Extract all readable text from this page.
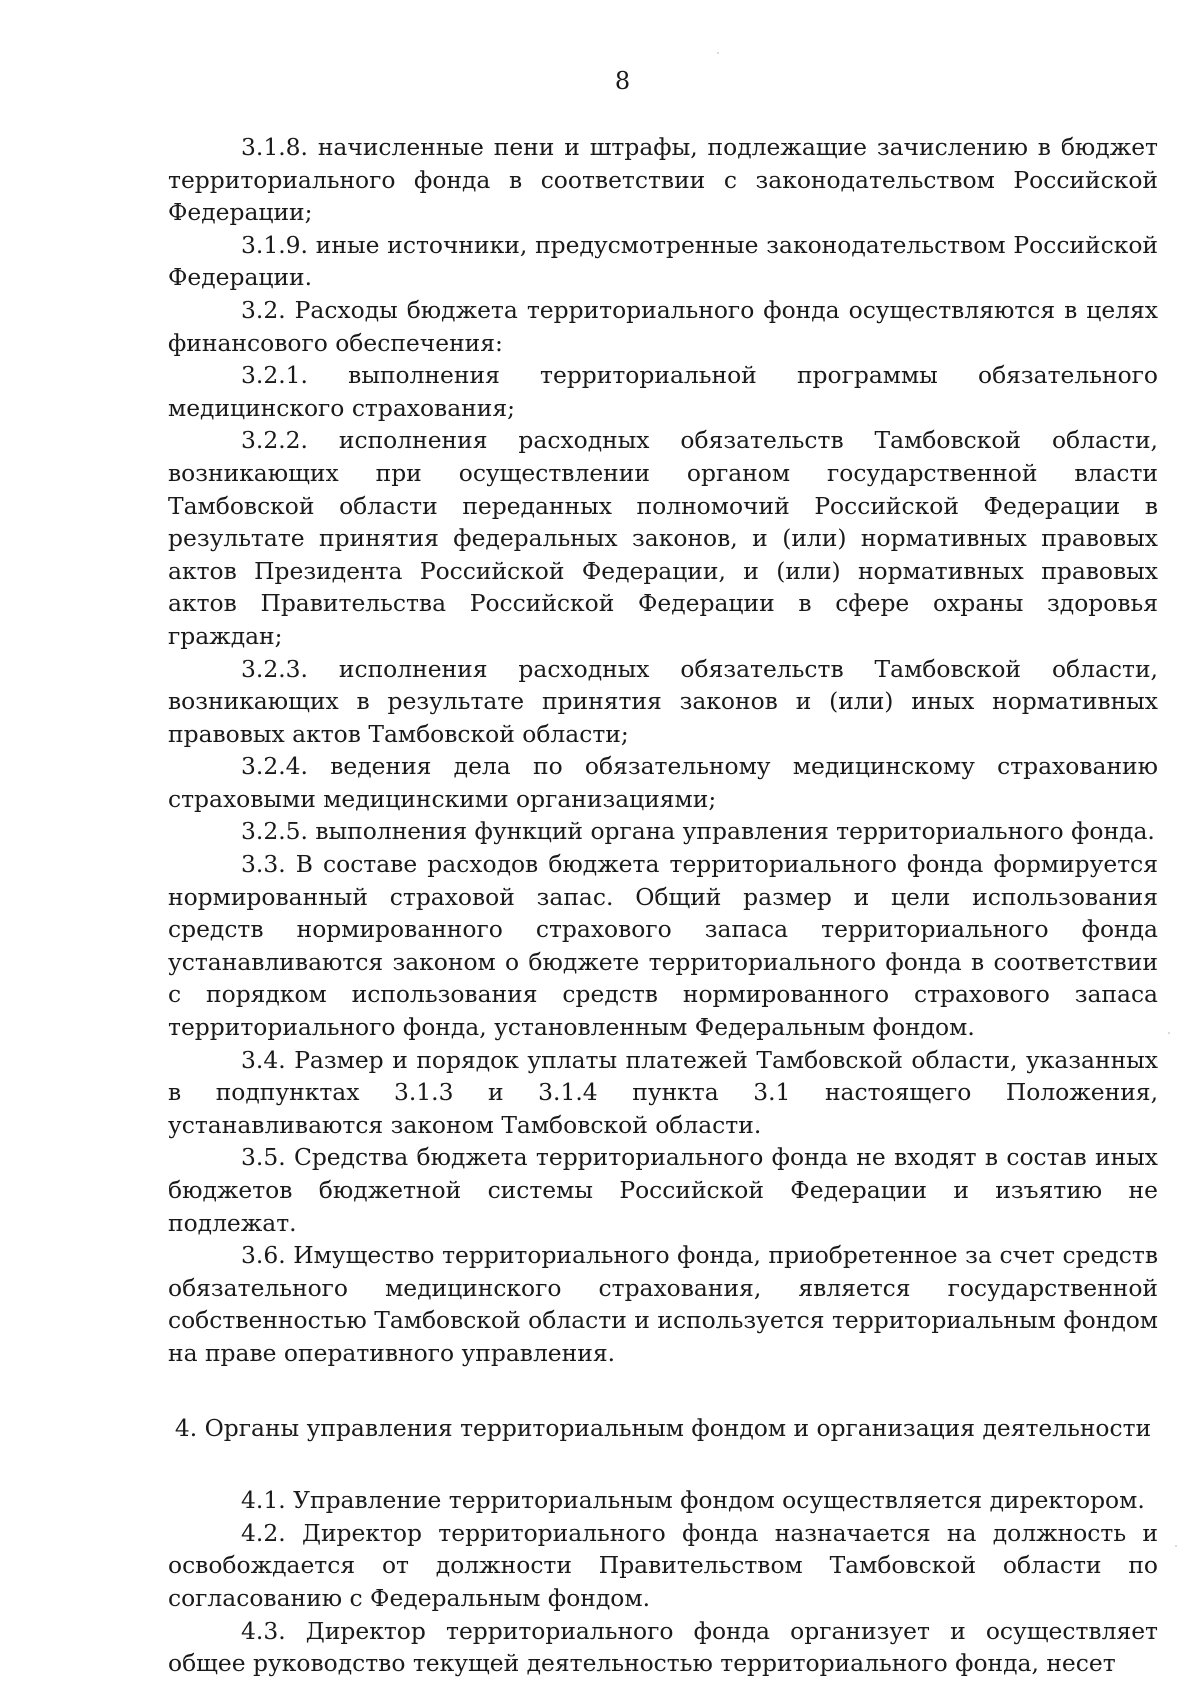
8

3.1.8. начисленные пени и штрафы, подлежащие зачислению в бюджет территориального фонда в соответствии с законодательством Российской Федерации;

3.1.9. иные источники, предусмотренные законодательством Российской Федерации.

3.2. Расходы бюджета территориального фонда осуществляются в целях финансового обеспечения:

3.2.1. выполнения территориальной программы обязательного медицинского страхования;

3.2.2. исполнения расходных обязательств Тамбовской области, возникающих при осуществлении органом государственной власти Тамбовской области переданных полномочий Российской Федерации в результате принятия федеральных законов, и (или) нормативных правовых актов Президента Российской Федерации, и (или) нормативных правовых актов Правительства Российской Федерации в сфере охраны здоровья граждан;

3.2.3. исполнения расходных обязательств Тамбовской области, возникающих в результате принятия законов и (или) иных нормативных правовых актов Тамбовской области;

3.2.4. ведения дела по обязательному медицинскому страхованию страховыми медицинскими организациями;

3.2.5. выполнения функций органа управления территориального фонда.

3.3. В составе расходов бюджета территориального фонда формируется нормированный страховой запас. Общий размер и цели использования средств нормированного страхового запаса территориального фонда устанавливаются законом о бюджете территориального фонда в соответствии с порядком использования средств нормированного страхового запаса территориального фонда, установленным Федеральным фондом.

3.4. Размер и порядок уплаты платежей Тамбовской области, указанных в подпунктах 3.1.3 и 3.1.4 пункта 3.1 настоящего Положения, устанавливаются законом Тамбовской области.

3.5. Средства бюджета территориального фонда не входят в состав иных бюджетов бюджетной системы Российской Федерации и изъятию не подлежат.

3.6. Имущество территориального фонда, приобретенное за счет средств обязательного медицинского страхования, является государственной собственностью Тамбовской области и используется территориальным фондом на праве оперативного управления.

4. Органы управления территориальным фондом и организация деятельности

4.1. Управление территориальным фондом осуществляется директором.

4.2. Директор территориального фонда назначается на должность и освобождается от должности Правительством Тамбовской области по согласованию с Федеральным фондом.

4.3. Директор территориального фонда организует и осуществляет общее руководство текущей деятельностью территориального фонда, несет
